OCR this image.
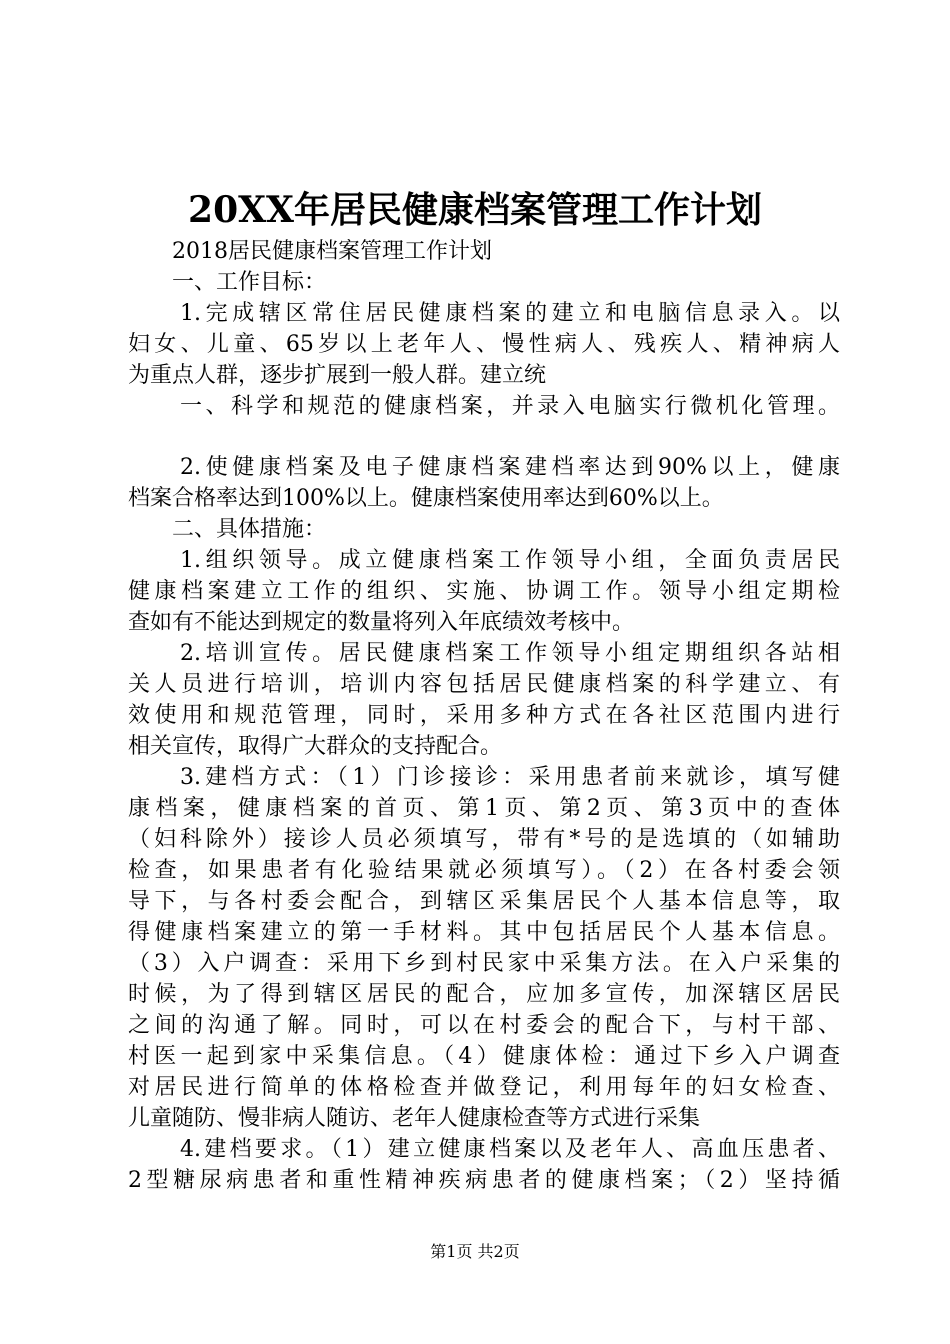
20XX年居民健康档案管理工作计划
2018居民健康档案管理工作计划
一、工作目标：
1.完成辖区常住居民健康档案的建立和电脑信息录入。以
妇女、儿童、65岁以上老年人、慢性病人、残疾人、精神病人
为重点人群，逐步扩展到一般人群。建立统
一、科学和规范的健康档案，并录入电脑实行微机化管理。
2.使健康档案及电子健康档案建档率达到90%以上，健康
档案合格率达到100%以上。健康档案使用率达到60%以上。
二、具体措施：
1.组织领导。成立健康档案工作领导小组，全面负责居民
健康档案建立工作的组织、实施、协调工作。领导小组定期检
查如有不能达到规定的数量将列入年底绩效考核中。
2.培训宣传。居民健康档案工作领导小组定期组织各站相
关人员进行培训，培训内容包括居民健康档案的科学建立、有
效使用和规范管理，同时，采用多种方式在各社区范围内进行
相关宣传，取得广大群众的支持配合。
3.建档方式：（1）门诊接诊：采用患者前来就诊，填写健
康档案，健康档案的首页、第1页、第2页、第3页中的查体
（妇科除外）接诊人员必须填写，带有*号的是选填的（如辅助
检查，如果患者有化验结果就必须填写）。（2）在各村委会领
导下，与各村委会配合，到辖区采集居民个人基本信息等，取
得健康档案建立的第一手材料。其中包括居民个人基本信息。
（3）入户调查：采用下乡到村民家中采集方法。在入户采集的
时候，为了得到辖区居民的配合，应加多宣传，加深辖区居民
之间的沟通了解。同时，可以在村委会的配合下，与村干部、
村医一起到家中采集信息。（4）健康体检：通过下乡入户调查
对居民进行简单的体格检查并做登记，利用每年的妇女检查、
儿童随防、慢非病人随访、老年人健康检查等方式进行采集
4.建档要求。（1）建立健康档案以及老年人、高血压患者、
2型糖尿病患者和重性精神疾病患者的健康档案；（2）坚持循
第1页 共2页
